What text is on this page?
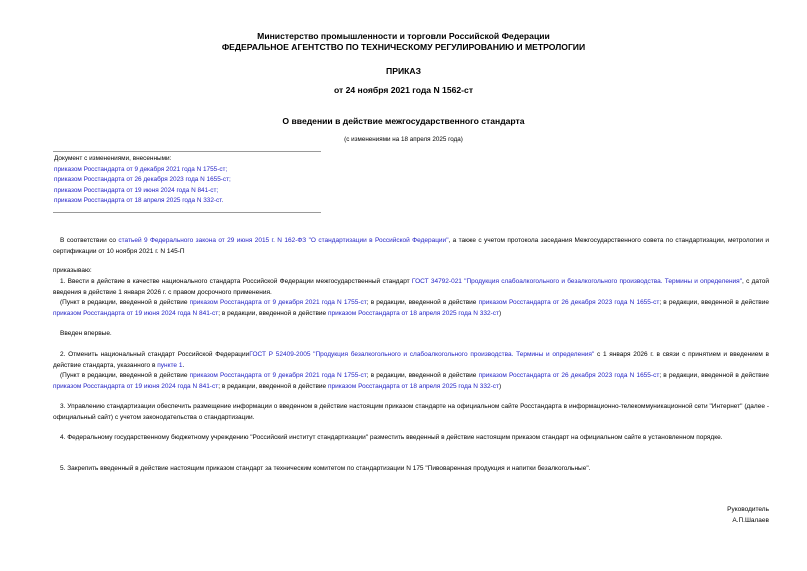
Министерство промышленности и торговли Российской Федерации
ФЕДЕРАЛЬНОЕ АГЕНТСТВО ПО ТЕХНИЧЕСКОМУ РЕГУЛИРОВАНИЮ И МЕТРОЛОГИИ
ПРИКАЗ
от 24 ноября 2021 года N 1562-ст
О введении в действие межгосударственного стандарта
(с изменениями на 18 апреля 2025 года)
Документ с изменениями, внесенными:
приказом Росстандарта от 9 декабря 2021 года N 1755-ст;
приказом Росстандарта от 26 декабря 2023 года N 1655-ст;
приказом Росстандарта от 19 июня 2024 года N 841-ст;
приказом Росстандарта от 18 апреля 2025 года N 332-ст.
В соответствии со статьей 9 Федерального закона от 29 июня 2015 г. N 162-ФЗ "О стандартизации в Российской Федерации", а также с учетом протокола заседания Межгосударственного совета по стандартизации, метрологии и сертификации от 10 ноября 2021 г. N 145-П
приказываю:
1. Ввести в действие в качестве национального стандарта Российской Федерации межгосударственный стандарт ГОСТ 34792-021 "Продукция слабоалкогольного и безалкогольного производства. Термины и определения", с датой введения в действие 1 января 2026 г. с правом досрочного применения.
(Пункт в редакции, введенной в действие приказом Росстандарта от 9 декабря 2021 года N 1755-ст; в редакции, введенной в действие приказом Росстандарта от 26 декабря 2023 года N 1655-ст; в редакции, введенной в действие приказом Росстандарта от 19 июня 2024 года N 841-ст; в редакции, введенной в действие приказом Росстандарта от 18 апреля 2025 года N 332-ст)
Введен впервые.
2. Отменить национальный стандарт Российской ФедерацииГОСТ Р 52409-2005 "Продукция безалкогольного и слабоалкогольного производства. Термины и определения" с 1 января 2026 г. в связи с принятием и введением в действие стандарта, указанного в пункте 1.
(Пункт в редакции, введенной в действие приказом Росстандарта от 9 декабря 2021 года N 1755-ст; в редакции, введенной в действие приказом Росстандарта от 26 декабря 2023 года N 1655-ст; в редакции, введенной в действие приказом Росстандарта от 19 июня 2024 года N 841-ст; в редакции, введенной в действие приказом Росстандарта от 18 апреля 2025 года N 332-ст)
3. Управлению стандартизации обеспечить размещение информации о введенном в действие настоящим приказом стандарте на официальном сайте Росстандарта в информационно-телекоммуникационной сети "Интернет" (далее - официальный сайт) с учетом законодательства о стандартизации.
4. Федеральному государственному бюджетному учреждению "Российский институт стандартизации" разместить введенный в действие настоящим приказом стандарт на официальном сайте в установленном порядке.
5. Закрепить введенный в действие настоящим приказом стандарт за техническим комитетом по стандартизации N 175 "Пивоваренная продукция и напитки безалкогольные".
Руководитель
А.П.Шалаев
